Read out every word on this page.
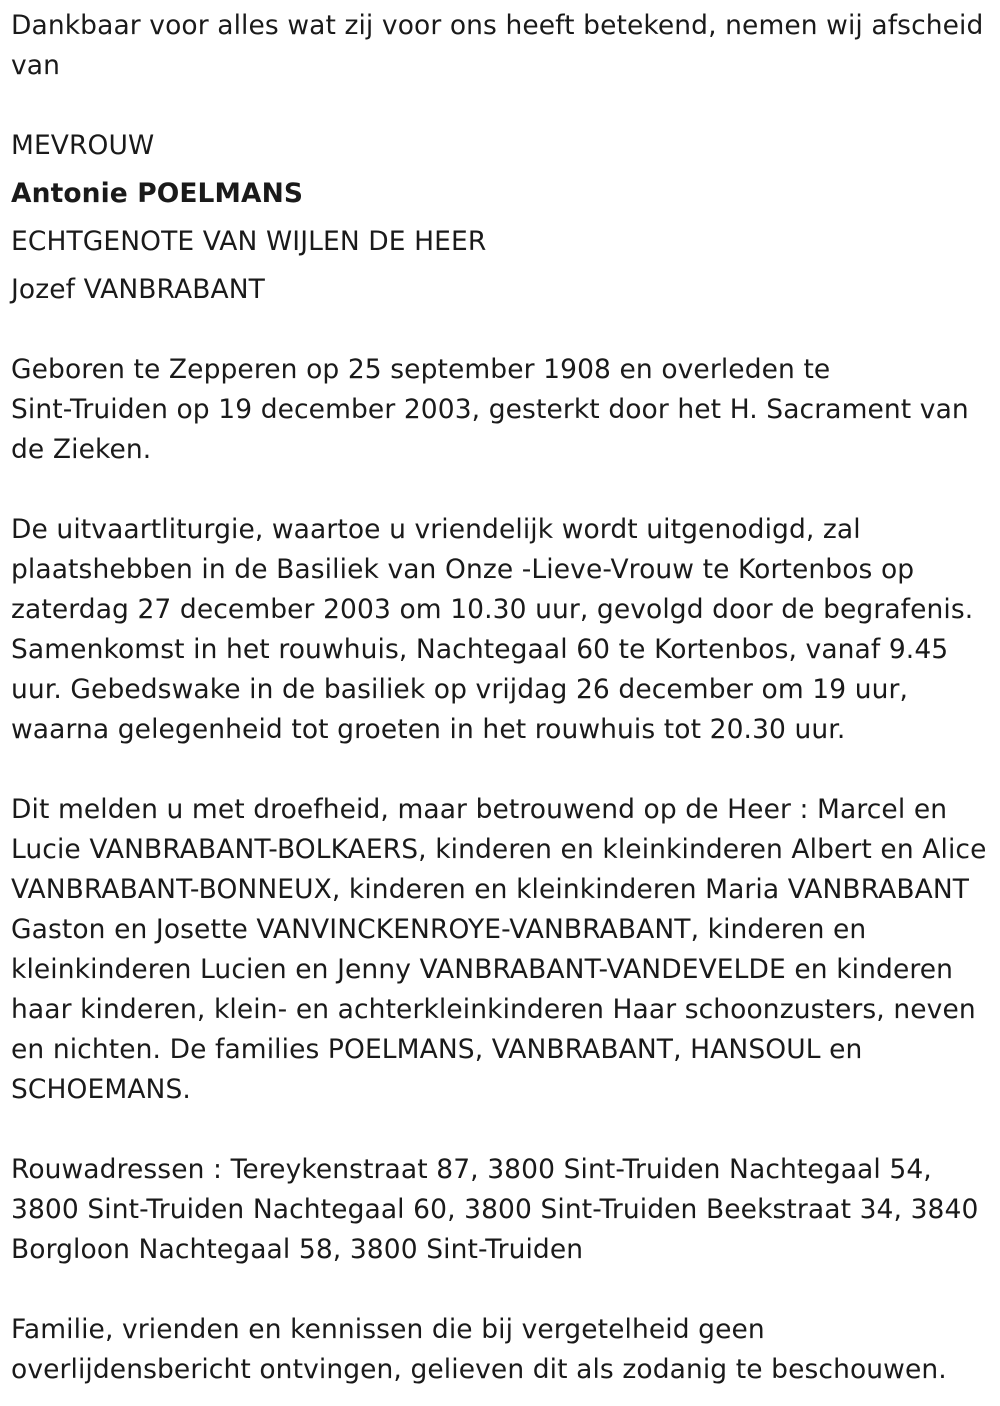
Dankbaar voor alles wat zij voor ons heeft betekend, nemen wij afscheid
van
MEVROUW
Antonie POELMANS
ECHTGENOTE VAN WIJLEN DE HEER
Jozef VANBRABANT
Geboren te Zepperen op 25 september 1908 en overleden te
Sint-Truiden op 19 december 2003, gesterkt door het H. Sacrament van
de Zieken.
De uitvaartliturgie, waartoe u vriendelijk wordt uitgenodigd, zal
plaatshebben in de Basiliek van Onze -Lieve-Vrouw te Kortenbos op
zaterdag 27 december 2003 om 10.30 uur, gevolgd door de begrafenis.
Samenkomst in het rouwhuis, Nachtegaal 60 te Kortenbos, vanaf 9.45
uur. Gebedswake in de basiliek op vrijdag 26 december om 19 uur,
waarna gelegenheid tot groeten in het rouwhuis tot 20.30 uur.
Dit melden u met droefheid, maar betrouwend op de Heer : Marcel en
Lucie VANBRABANT-BOLKAERS, kinderen en kleinkinderen Albert en Alice
VANBRABANT-BONNEUX, kinderen en kleinkinderen Maria VANBRABANT
Gaston en Josette VANVINCKENROYE-VANBRABANT, kinderen en
kleinkinderen Lucien en Jenny VANBRABANT-VANDEVELDE en kinderen
haar kinderen, klein- en achterkleinkinderen Haar schoonzusters, neven
en nichten. De families POELMANS, VANBRABANT, HANSOUL en
SCHOEMANS.
Rouwadressen : Tereykenstraat 87, 3800 Sint-Truiden Nachtegaal 54,
3800 Sint-Truiden Nachtegaal 60, 3800 Sint-Truiden Beekstraat 34, 3840
Borgloon Nachtegaal 58, 3800 Sint-Truiden
Familie, vrienden en kennissen die bij vergetelheid geen
overlijdensbericht ontvingen, gelieven dit als zodanig te beschouwen.
